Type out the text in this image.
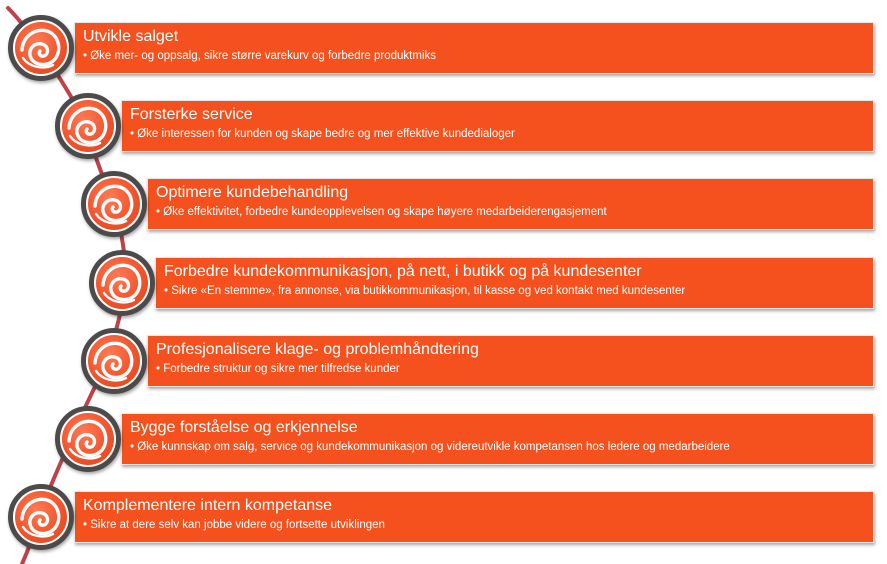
Utvikle salget
• Øke mer- og oppsalg, sikre større varekurv og forbedre produktmiks
Forsterke service
• Øke interessen for kunden og skape bedre og mer effektive kundedialoger
Optimere kundebehandling
• Øke effektivitet, forbedre kundeopplevelsen og skape høyere medarbeiderengasjement
Forbedre kundekommunikasjon, på nett, i butikk og på kundesenter
• Sikre «En stemme», fra annonse, via butikkommunikasjon, til kasse og ved kontakt med kundesenter
Profesjonalisere klage- og problemhåndtering
• Forbedre struktur og sikre mer tilfredse kunder
Bygge forståelse og erkjennelse
• Øke kunnskap om salg, service og kundekommunikasjon og videreutvikle kompetansen hos ledere og medarbeidere
Komplementere intern kompetanse
• Sikre at dere selv kan jobbe videre og fortsette utviklingen
